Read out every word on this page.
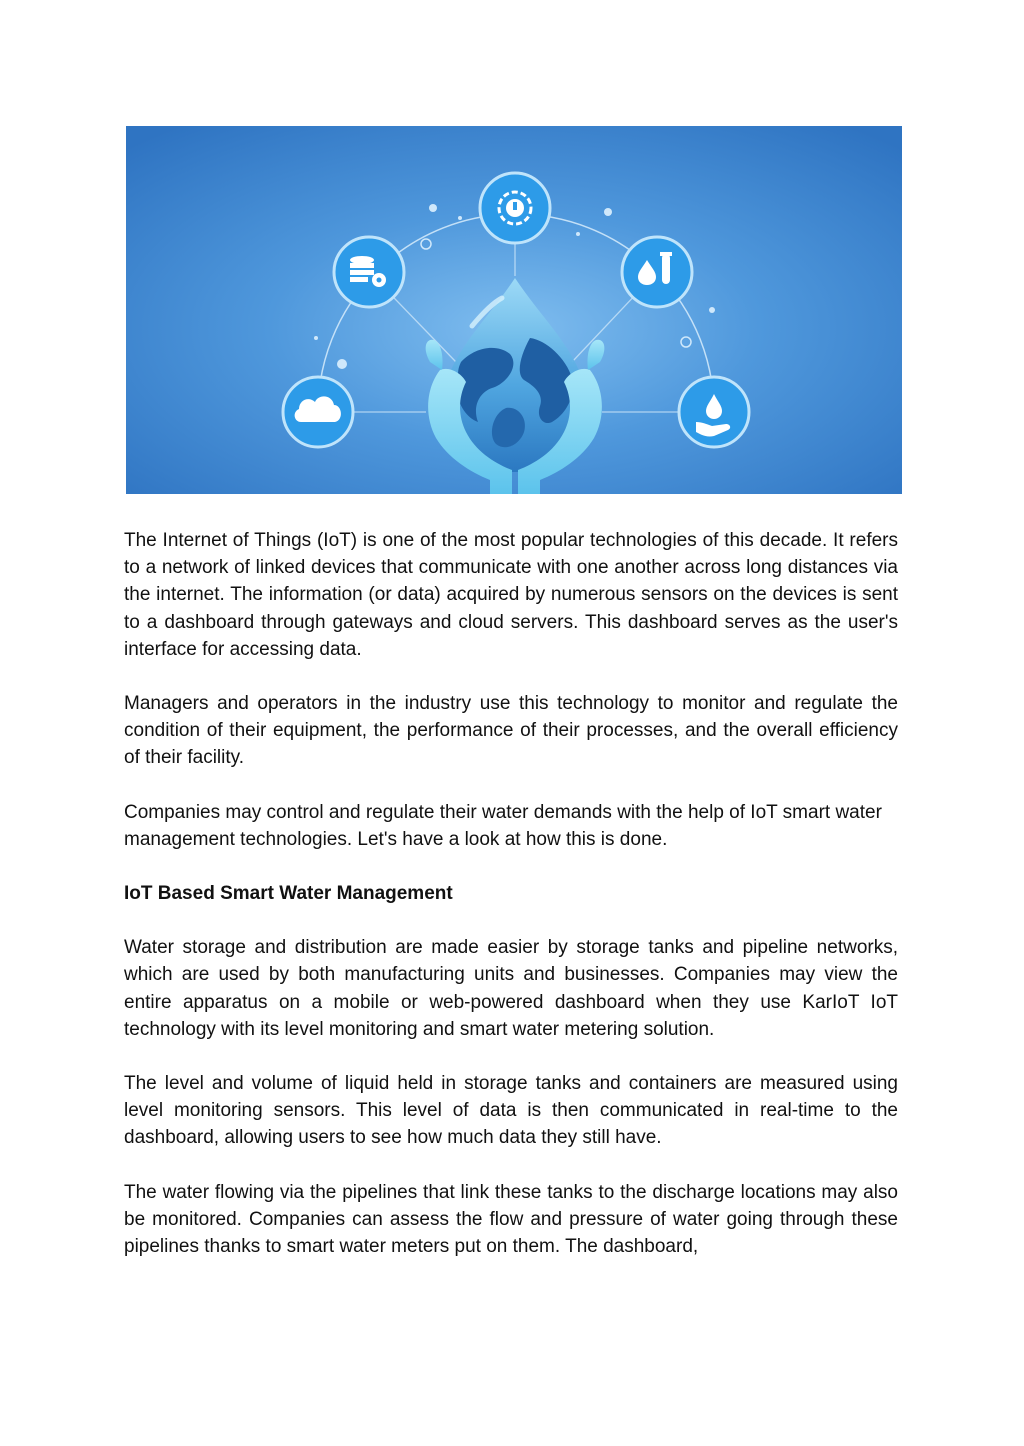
The Internet of Things (IoT) is one of the most popular technologies of this decade. It refers to a network of linked devices that communicate with one another across long distances via the internet. The information (or data) acquired by numerous sensors on the devices is sent to a dashboard through gateways and cloud servers. This dashboard serves as the user's interface for accessing data.

Managers and operators in the industry use this technology to monitor and regulate the condition of their equipment, the performance of their processes, and the overall efficiency of their facility.

Companies may control and regulate their water demands with the help of IoT smart water management technologies. Let's have a look at how this is done.

IoT Based Smart Water Management

Water storage and distribution are made easier by storage tanks and pipeline networks, which are used by both manufacturing units and businesses. Companies may view the entire apparatus on a mobile or web-powered dashboard when they use KarIoT IoT technology with its level monitoring and smart water metering solution.

The level and volume of liquid held in storage tanks and containers are measured using level monitoring sensors. This level of data is then communicated in real-time to the dashboard, allowing users to see how much data they still have.

The water flowing via the pipelines that link these tanks to the discharge locations may also be monitored. Companies can assess the flow and pressure of water going through these pipelines thanks to smart water meters put on them. The dashboard,
